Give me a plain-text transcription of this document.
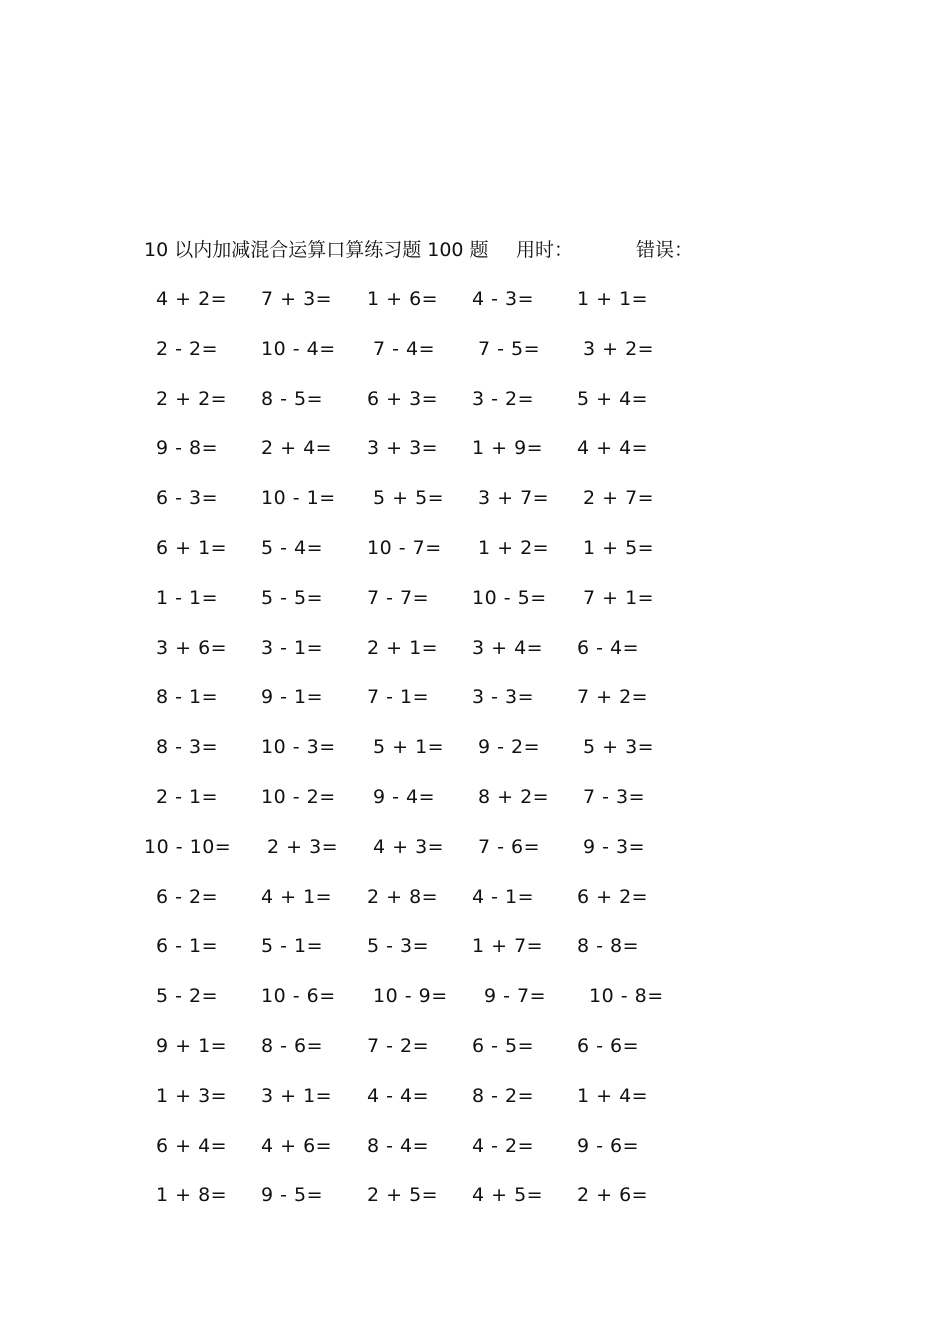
10 以内加减混合运算口算练习题 100 题 用时：	错误：
4 + 2= 7 + 3= 1 + 6= 4 - 3= 1 + 1=
2 - 2= 10 - 4= 7 - 4= 7 - 5= 3 + 2=
2 + 2= 8 - 5= 6 + 3= 3 - 2= 5 + 4=
9 - 8= 2 + 4= 3 + 3= 1 + 9= 4 + 4=
6 - 3= 10 - 1= 5 + 5= 3 + 7= 2 + 7=
6 + 1= 5 - 4= 10 - 7= 1 + 2= 1 + 5=
1 - 1= 5 - 5= 7 - 7= 10 - 5= 7 + 1=
3 + 6= 3 - 1= 2 + 1= 3 + 4= 6 - 4=
8 - 1= 9 - 1= 7 - 1= 3 - 3= 7 + 2=
8 - 3= 10 - 3= 5 + 1= 9 - 2= 5 + 3=
2 - 1= 10 - 2= 9 - 4= 8 + 2= 7 - 3=
10 - 10= 2 + 3= 4 + 3= 7 - 6= 9 - 3=
6 - 2= 4 + 1= 2 + 8= 4 - 1= 6 + 2=
6 - 1= 5 - 1= 5 - 3= 1 + 7= 8 - 8=
5 - 2= 10 - 6= 10 - 9= 9 - 7= 10 - 8=
9 + 1= 8 - 6= 7 - 2= 6 - 5= 6 - 6=
1 + 3= 3 + 1= 4 - 4= 8 - 2= 1 + 4=
6 + 4= 4 + 6= 8 - 4= 4 - 2= 9 - 6=
1 + 8= 9 - 5= 2 + 5= 4 + 5= 2 + 6=
